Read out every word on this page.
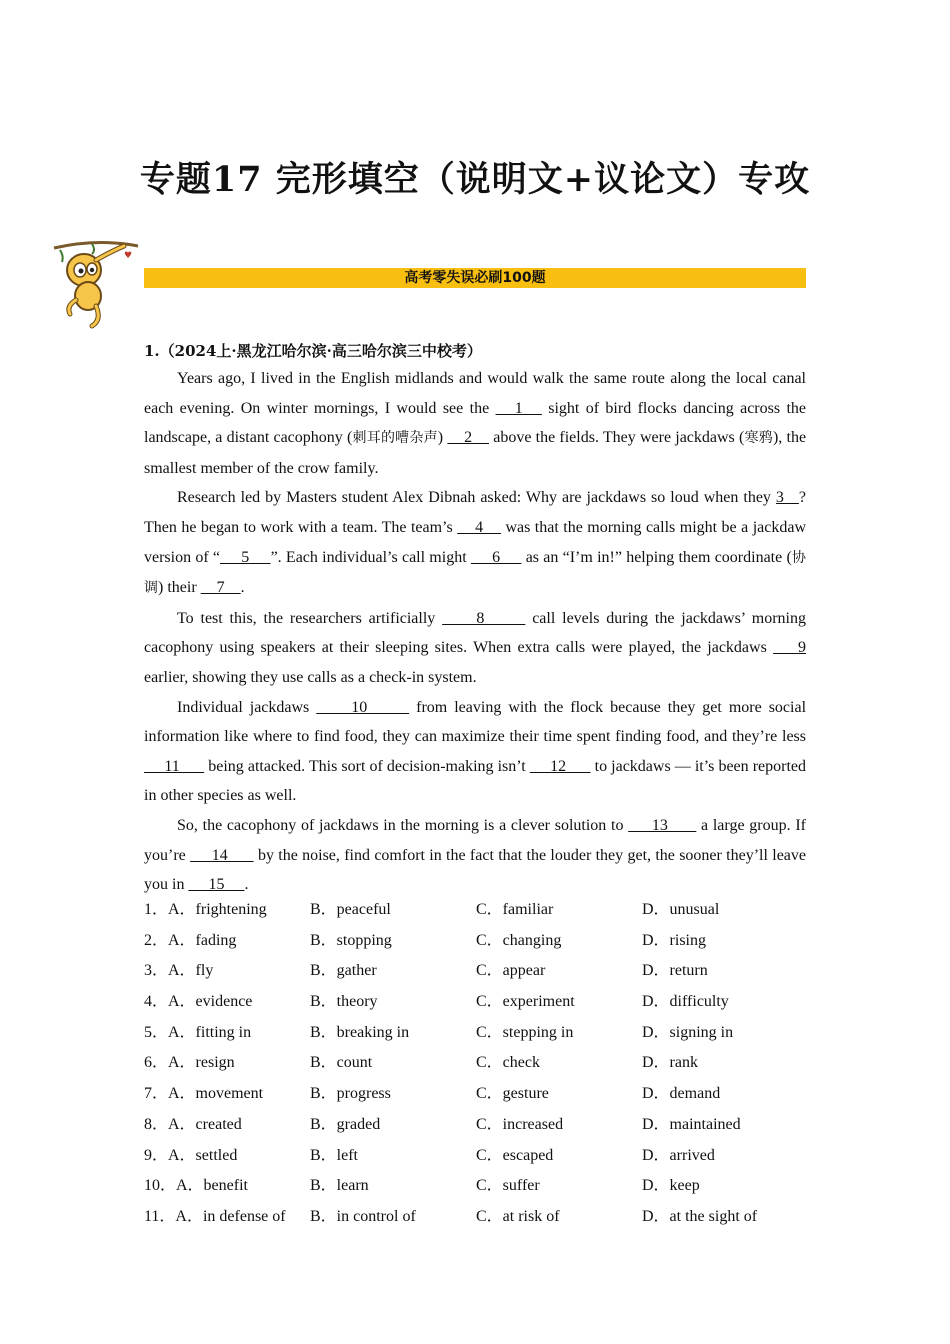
专题17 完形填空（说明文+议论文）专攻
♥
高考零失误必刷100题
1.（2024上·黑龙江哈尔滨·高三哈尔滨三中校考）

Years ago, I lived in the English midlands and would walk the same route along the local canal each evening. On winter mornings, I would see the    1    sight of bird flocks dancing across the landscape, a distant cacophony (刺耳的嘈杂声)     2     above the fields. They were jackdaws (寒鸦), the smallest member of the crow family.

Research led by Masters student Alex Dibnah asked: Why are jackdaws so loud when they 3   ? Then he began to work with a team. The team’s     4     was that the morning calls might be a jackdaw version of “     5     ”. Each individual’s call might      6      as an “I’m in!” helping them coordinate (协调) their     7    .

To test this, the researchers artificially      8       call levels during the jackdaws’ morning cacophony using speakers at their sleeping sites. When extra calls were played, the jackdaws     9 earlier, showing they use calls as a check-in system.

Individual jackdaws      10       from leaving with the flock because they get more social information like where to find food, they can maximize their time spent finding food, and they’re less      11       being attacked. This sort of decision-making isn’t      12       to jackdaws — it’s been reported in other species as well.

So, the cacophony of jackdaws in the morning is a clever solution to      13       a large group. If you’re      14       by the noise, find comfort in the fact that the louder they get, the sooner they’ll leave you in      15     .

1．A．frightening	B．peaceful	C．familiar	D．unusual
2．A．fading	B．stopping	C．changing	D．rising
3．A．fly	B．gather	C．appear	D．return
4．A．evidence	B．theory	C．experiment	D．difficulty
5．A．fitting in	B．breaking in	C．stepping in	D．signing in
6．A．resign	B．count	C．check	D．rank
7．A．movement	B．progress	C．gesture	D．demand
8．A．created	B．graded	C．increased	D．maintained
9．A．settled	B．left	C．escaped	D．arrived
10．A．benefit	B．learn	C．suffer	D．keep
11．A．in defense of B．in control of	C．at risk of	D．at the sight of
